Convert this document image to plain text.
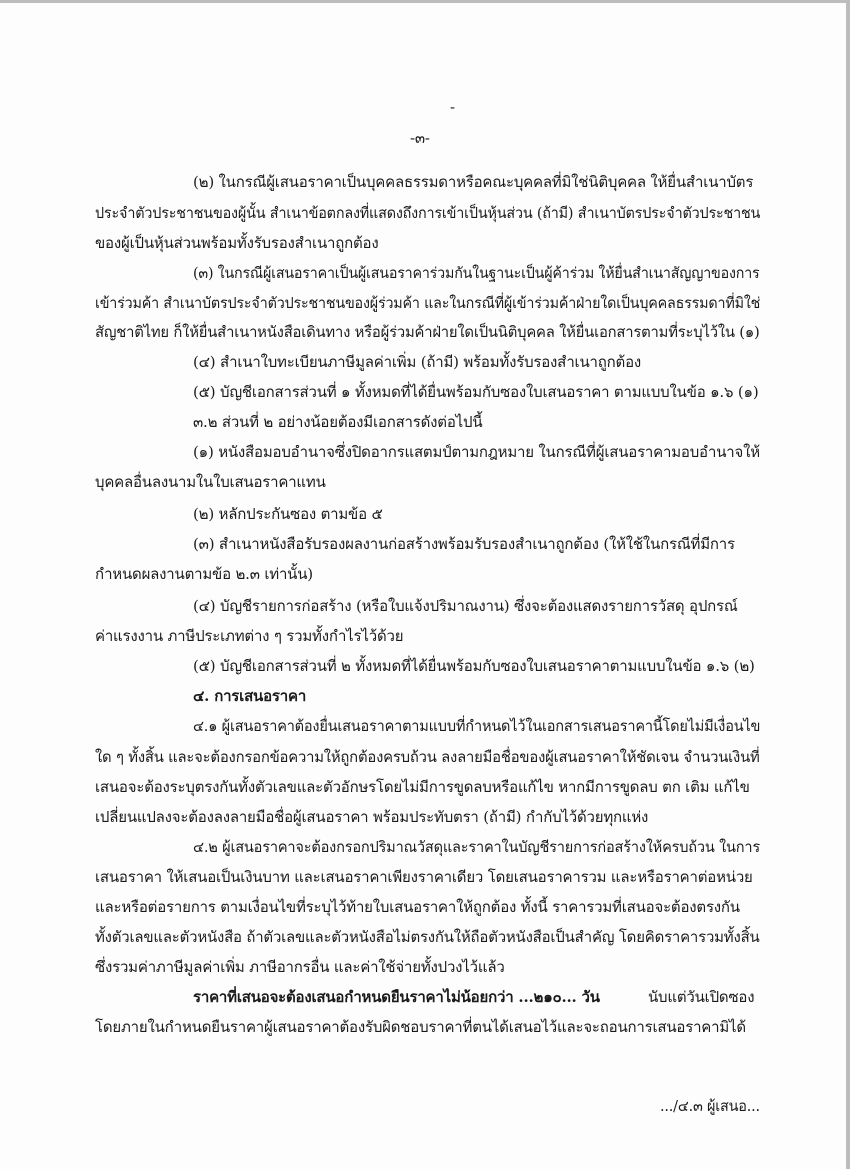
-
-๓-
(๒) ในกรณีผู้เสนอราคาเป็นบุคคลธรรมดาหรือคณะบุคคลที่มิใช่นิติบุคคล ให้ยื่นสำเนาบัตร
ประจำตัวประชาชนของผู้นั้น สำเนาข้อตกลงที่แสดงถึงการเข้าเป็นหุ้นส่วน (ถ้ามี) สำเนาบัตรประจำตัวประชาชน
ของผู้เป็นหุ้นส่วนพร้อมทั้งรับรองสำเนาถูกต้อง
(๓) ในกรณีผู้เสนอราคาเป็นผู้เสนอราคาร่วมกันในฐานะเป็นผู้ค้าร่วม ให้ยื่นสำเนาสัญญาของการ
เข้าร่วมค้า สำเนาบัตรประจำตัวประชาชนของผู้ร่วมค้า และในกรณีที่ผู้เข้าร่วมค้าฝ่ายใดเป็นบุคคลธรรมดาที่มิใช่
สัญชาติไทย ก็ให้ยื่นสำเนาหนังสือเดินทาง หรือผู้ร่วมค้าฝ่ายใดเป็นนิติบุคคล ให้ยื่นเอกสารตามที่ระบุไว้ใน (๑)
(๔) สำเนาใบทะเบียนภาษีมูลค่าเพิ่ม (ถ้ามี) พร้อมทั้งรับรองสำเนาถูกต้อง
(๕) บัญชีเอกสารส่วนที่ ๑ ทั้งหมดที่ได้ยื่นพร้อมกับซองใบเสนอราคา ตามแบบในข้อ ๑.๖ (๑)
๓.๒ ส่วนที่ ๒ อย่างน้อยต้องมีเอกสารดังต่อไปนี้
(๑) หนังสือมอบอำนาจซึ่งปิดอากรแสตมป์ตามกฎหมาย ในกรณีที่ผู้เสนอราคามอบอำนาจให้
บุคคลอื่นลงนามในใบเสนอราคาแทน
(๒) หลักประกันซอง ตามข้อ ๕
(๓) สำเนาหนังสือรับรองผลงานก่อสร้างพร้อมรับรองสำเนาถูกต้อง (ให้ใช้ในกรณีที่มีการ
กำหนดผลงานตามข้อ ๒.๓ เท่านั้น)
(๔) บัญชีรายการก่อสร้าง (หรือใบแจ้งปริมาณงาน) ซึ่งจะต้องแสดงรายการวัสดุ อุปกรณ์
ค่าแรงงาน ภาษีประเภทต่าง ๆ รวมทั้งกำไรไว้ด้วย
(๕) บัญชีเอกสารส่วนที่ ๒ ทั้งหมดที่ได้ยื่นพร้อมกับซองใบเสนอราคาตามแบบในข้อ ๑.๖ (๒)
๔. การเสนอราคา
๔.๑ ผู้เสนอราคาต้องยื่นเสนอราคาตามแบบที่กำหนดไว้ในเอกสารเสนอราคานี้โดยไม่มีเงื่อนไข
ใด ๆ ทั้งสิ้น และจะต้องกรอกข้อความให้ถูกต้องครบถ้วน ลงลายมือชื่อของผู้เสนอราคาให้ชัดเจน จำนวนเงินที่
เสนอจะต้องระบุตรงกันทั้งตัวเลขและตัวอักษรโดยไม่มีการขูดลบหรือแก้ไข หากมีการขูดลบ ตก เติม แก้ไข
เปลี่ยนแปลงจะต้องลงลายมือชื่อผู้เสนอราคา พร้อมประทับตรา (ถ้ามี) กำกับไว้ด้วยทุกแห่ง
๔.๒ ผู้เสนอราคาจะต้องกรอกปริมาณวัสดุและราคาในบัญชีรายการก่อสร้างให้ครบถ้วน ในการ
เสนอราคา ให้เสนอเป็นเงินบาท และเสนอราคาเพียงราคาเดียว โดยเสนอราคารวม และหรือราคาต่อหน่วย
และหรือต่อรายการ ตามเงื่อนไขที่ระบุไว้ท้ายใบเสนอราคาให้ถูกต้อง ทั้งนี้ ราคารวมที่เสนอจะต้องตรงกัน
ทั้งตัวเลขและตัวหนังสือ ถ้าตัวเลขและตัวหนังสือไม่ตรงกันให้ถือตัวหนังสือเป็นสำคัญ โดยคิดราคารวมทั้งสิ้น
ซึ่งรวมค่าภาษีมูลค่าเพิ่ม ภาษีอากรอื่น และค่าใช้จ่ายทั้งปวงไว้แล้ว
ราคาที่เสนอจะต้องเสนอกำหนดยืนราคาไม่น้อยกว่า ...๒๑๐... วัน	นับแต่วันเปิดซอง
โดยภายในกำหนดยืนราคาผู้เสนอราคาต้องรับผิดชอบราคาที่ตนได้เสนอไว้และจะถอนการเสนอราคามิได้
.../๔.๓ ผู้เสนอ...
